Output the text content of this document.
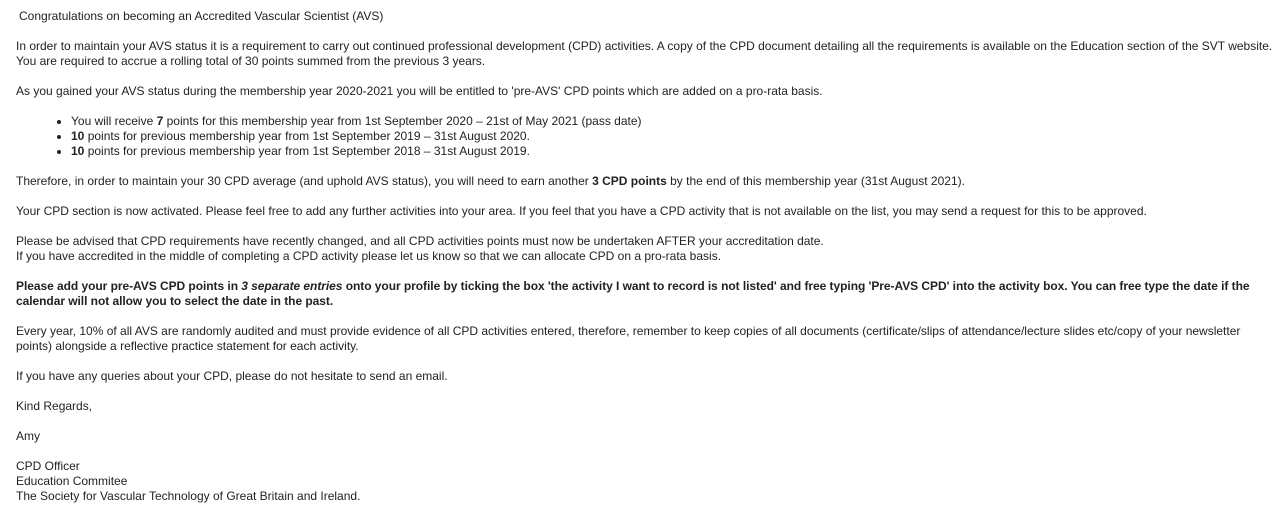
Congratulations on becoming an Accredited Vascular Scientist (AVS)

In order to maintain your AVS status it is a requirement to carry out continued professional development (CPD) activities. A copy of the CPD document detailing all the requirements is available on the Education section of the SVT website. You are required to accrue a rolling total of 30 points summed from the previous 3 years.

As you gained your AVS status during the membership year 2020-2021 you will be entitled to 'pre-AVS' CPD points which are added on a pro-rata basis.

• You will receive 7 points for this membership year from 1st September 2020 – 21st of May 2021 (pass date)
• 10 points for previous membership year from 1st September 2019 – 31st August 2020.
• 10 points for previous membership year from 1st September 2018 – 31st August 2019.

Therefore, in order to maintain your 30 CPD average (and uphold AVS status), you will need to earn another 3 CPD points by the end of this membership year (31st August 2021).

Your CPD section is now activated. Please feel free to add any further activities into your area. If you feel that you have a CPD activity that is not available on the list, you may send a request for this to be approved.

Please be advised that CPD requirements have recently changed, and all CPD activities points must now be undertaken AFTER your accreditation date.
If you have accredited in the middle of completing a CPD activity please let us know so that we can allocate CPD on a pro-rata basis.

Please add your pre-AVS CPD points in 3 separate entries onto your profile by ticking the box 'the activity I want to record is not listed' and free typing 'Pre-AVS CPD' into the activity box. You can free type the date if the calendar will not allow you to select the date in the past.

Every year, 10% of all AVS are randomly audited and must provide evidence of all CPD activities entered, therefore, remember to keep copies of all documents (certificate/slips of attendance/lecture slides etc/copy of your newsletter points) alongside a reflective practice statement for each activity.

If you have any queries about your CPD, please do not hesitate to send an email.

Kind Regards,

Amy

CPD Officer
Education Commitee
The Society for Vascular Technology of Great Britain and Ireland.
